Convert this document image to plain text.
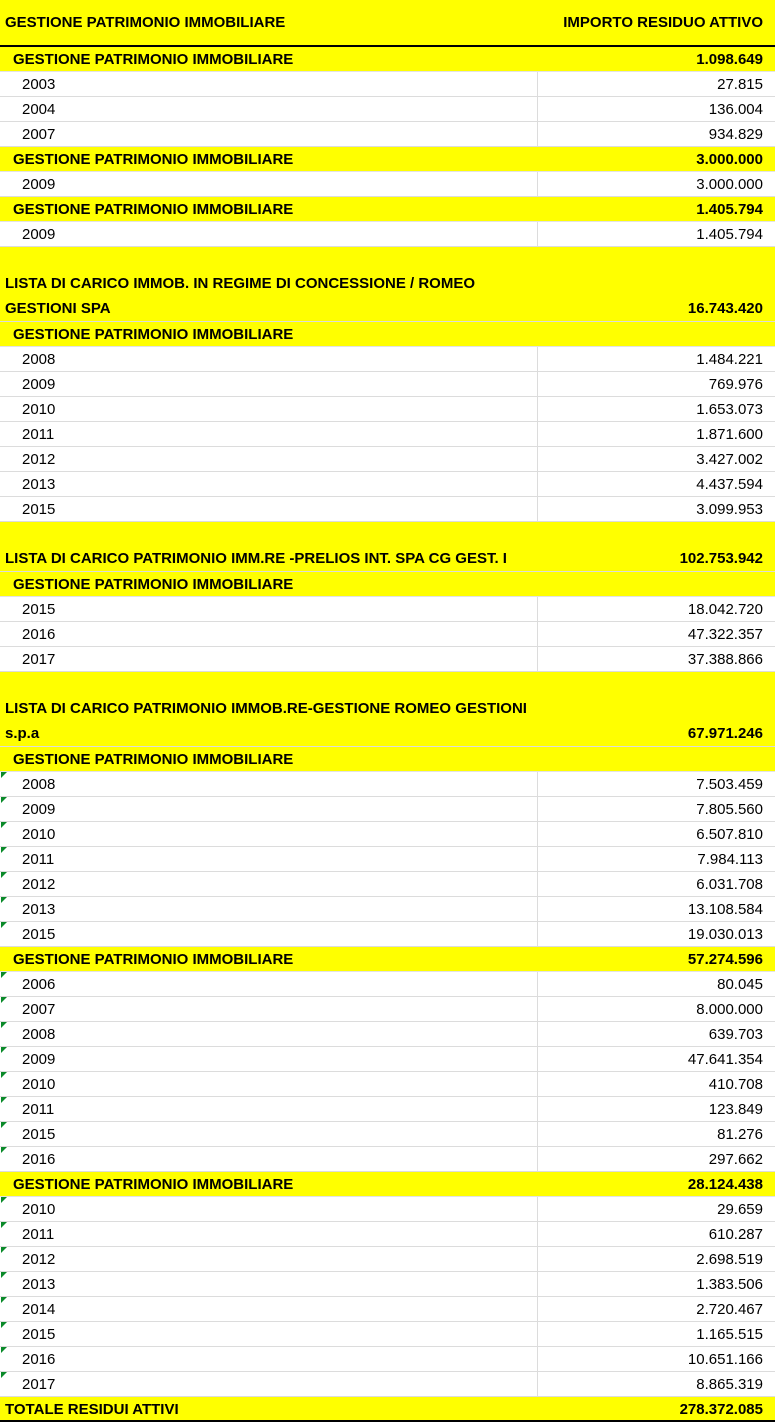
GESTIONE PATRIMONIO IMMOBILIARE	IMPORTO RESIDUO ATTIVO
GESTIONE PATRIMONIO IMMOBILIARE	1.098.649
2003	27.815
2004	136.004
2007	934.829
GESTIONE PATRIMONIO IMMOBILIARE	3.000.000
2009	3.000.000
GESTIONE PATRIMONIO IMMOBILIARE	1.405.794
2009	1.405.794
LISTA DI CARICO IMMOB. IN REGIME DI CONCESSIONE / ROMEO GESTIONI SPA	16.743.420
GESTIONE PATRIMONIO IMMOBILIARE
2008	1.484.221
2009	769.976
2010	1.653.073
2011	1.871.600
2012	3.427.002
2013	4.437.594
2015	3.099.953
LISTA DI CARICO PATRIMONIO IMM.RE -PRELIOS INT. SPA CG GEST. I	102.753.942
GESTIONE PATRIMONIO IMMOBILIARE
2015	18.042.720
2016	47.322.357
2017	37.388.866
LISTA DI CARICO PATRIMONIO IMMOB.RE-GESTIONE ROMEO GESTIONI s.p.a	67.971.246
GESTIONE PATRIMONIO IMMOBILIARE
2008	7.503.459
2009	7.805.560
2010	6.507.810
2011	7.984.113
2012	6.031.708
2013	13.108.584
2015	19.030.013
GESTIONE PATRIMONIO IMMOBILIARE	57.274.596
2006	80.045
2007	8.000.000
2008	639.703
2009	47.641.354
2010	410.708
2011	123.849
2015	81.276
2016	297.662
GESTIONE PATRIMONIO IMMOBILIARE	28.124.438
2010	29.659
2011	610.287
2012	2.698.519
2013	1.383.506
2014	2.720.467
2015	1.165.515
2016	10.651.166
2017	8.865.319
TOTALE RESIDUI ATTIVI	278.372.085
